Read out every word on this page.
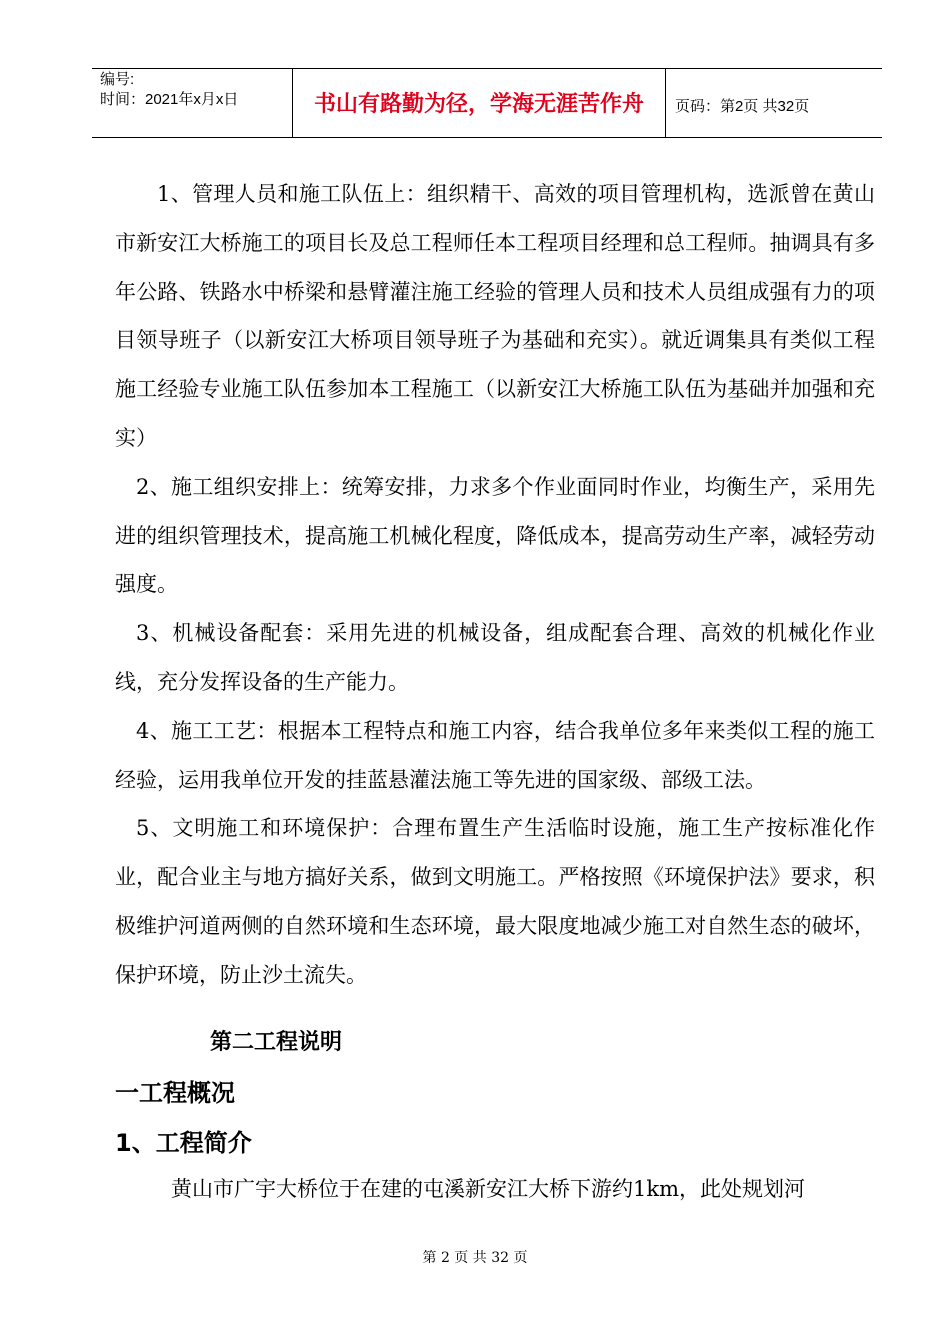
编号:
时间：2021年x月x日	书山有路勤为径，学海无涯苦作舟	页码：第2页 共32页

1、管理人员和施工队伍上：组织精干、高效的项目管理机构，选派曾在黄山市新安江大桥施工的项目长及总工程师任本工程项目经理和总工程师。抽调具有多年公路、铁路水中桥梁和悬臂灌注施工经验的管理人员和技术人员组成强有力的项目领导班子（以新安江大桥项目领导班子为基础和充实）。就近调集具有类似工程施工经验专业施工队伍参加本工程施工（以新安江大桥施工队伍为基础并加强和充实）

2、施工组织安排上：统筹安排，力求多个作业面同时作业，均衡生产，采用先进的组织管理技术，提高施工机械化程度，降低成本，提高劳动生产率，减轻劳动强度。

3、机械设备配套：采用先进的机械设备，组成配套合理、高效的机械化作业线，充分发挥设备的生产能力。

4、施工工艺：根据本工程特点和施工内容，结合我单位多年来类似工程的施工经验，运用我单位开发的挂蓝悬灌法施工等先进的国家级、部级工法。

5、文明施工和环境保护：合理布置生产生活临时设施，施工生产按标准化作业，配合业主与地方搞好关系，做到文明施工。严格按照《环境保护法》要求，积极维护河道两侧的自然环境和生态环境，最大限度地减少施工对自然生态的破坏，保护环境，防止沙土流失。

第二工程说明
一工程概况
1、工程简介

黄山市广宇大桥位于在建的屯溪新安江大桥下游约1km，此处规划河

第 2 页 共 32 页
